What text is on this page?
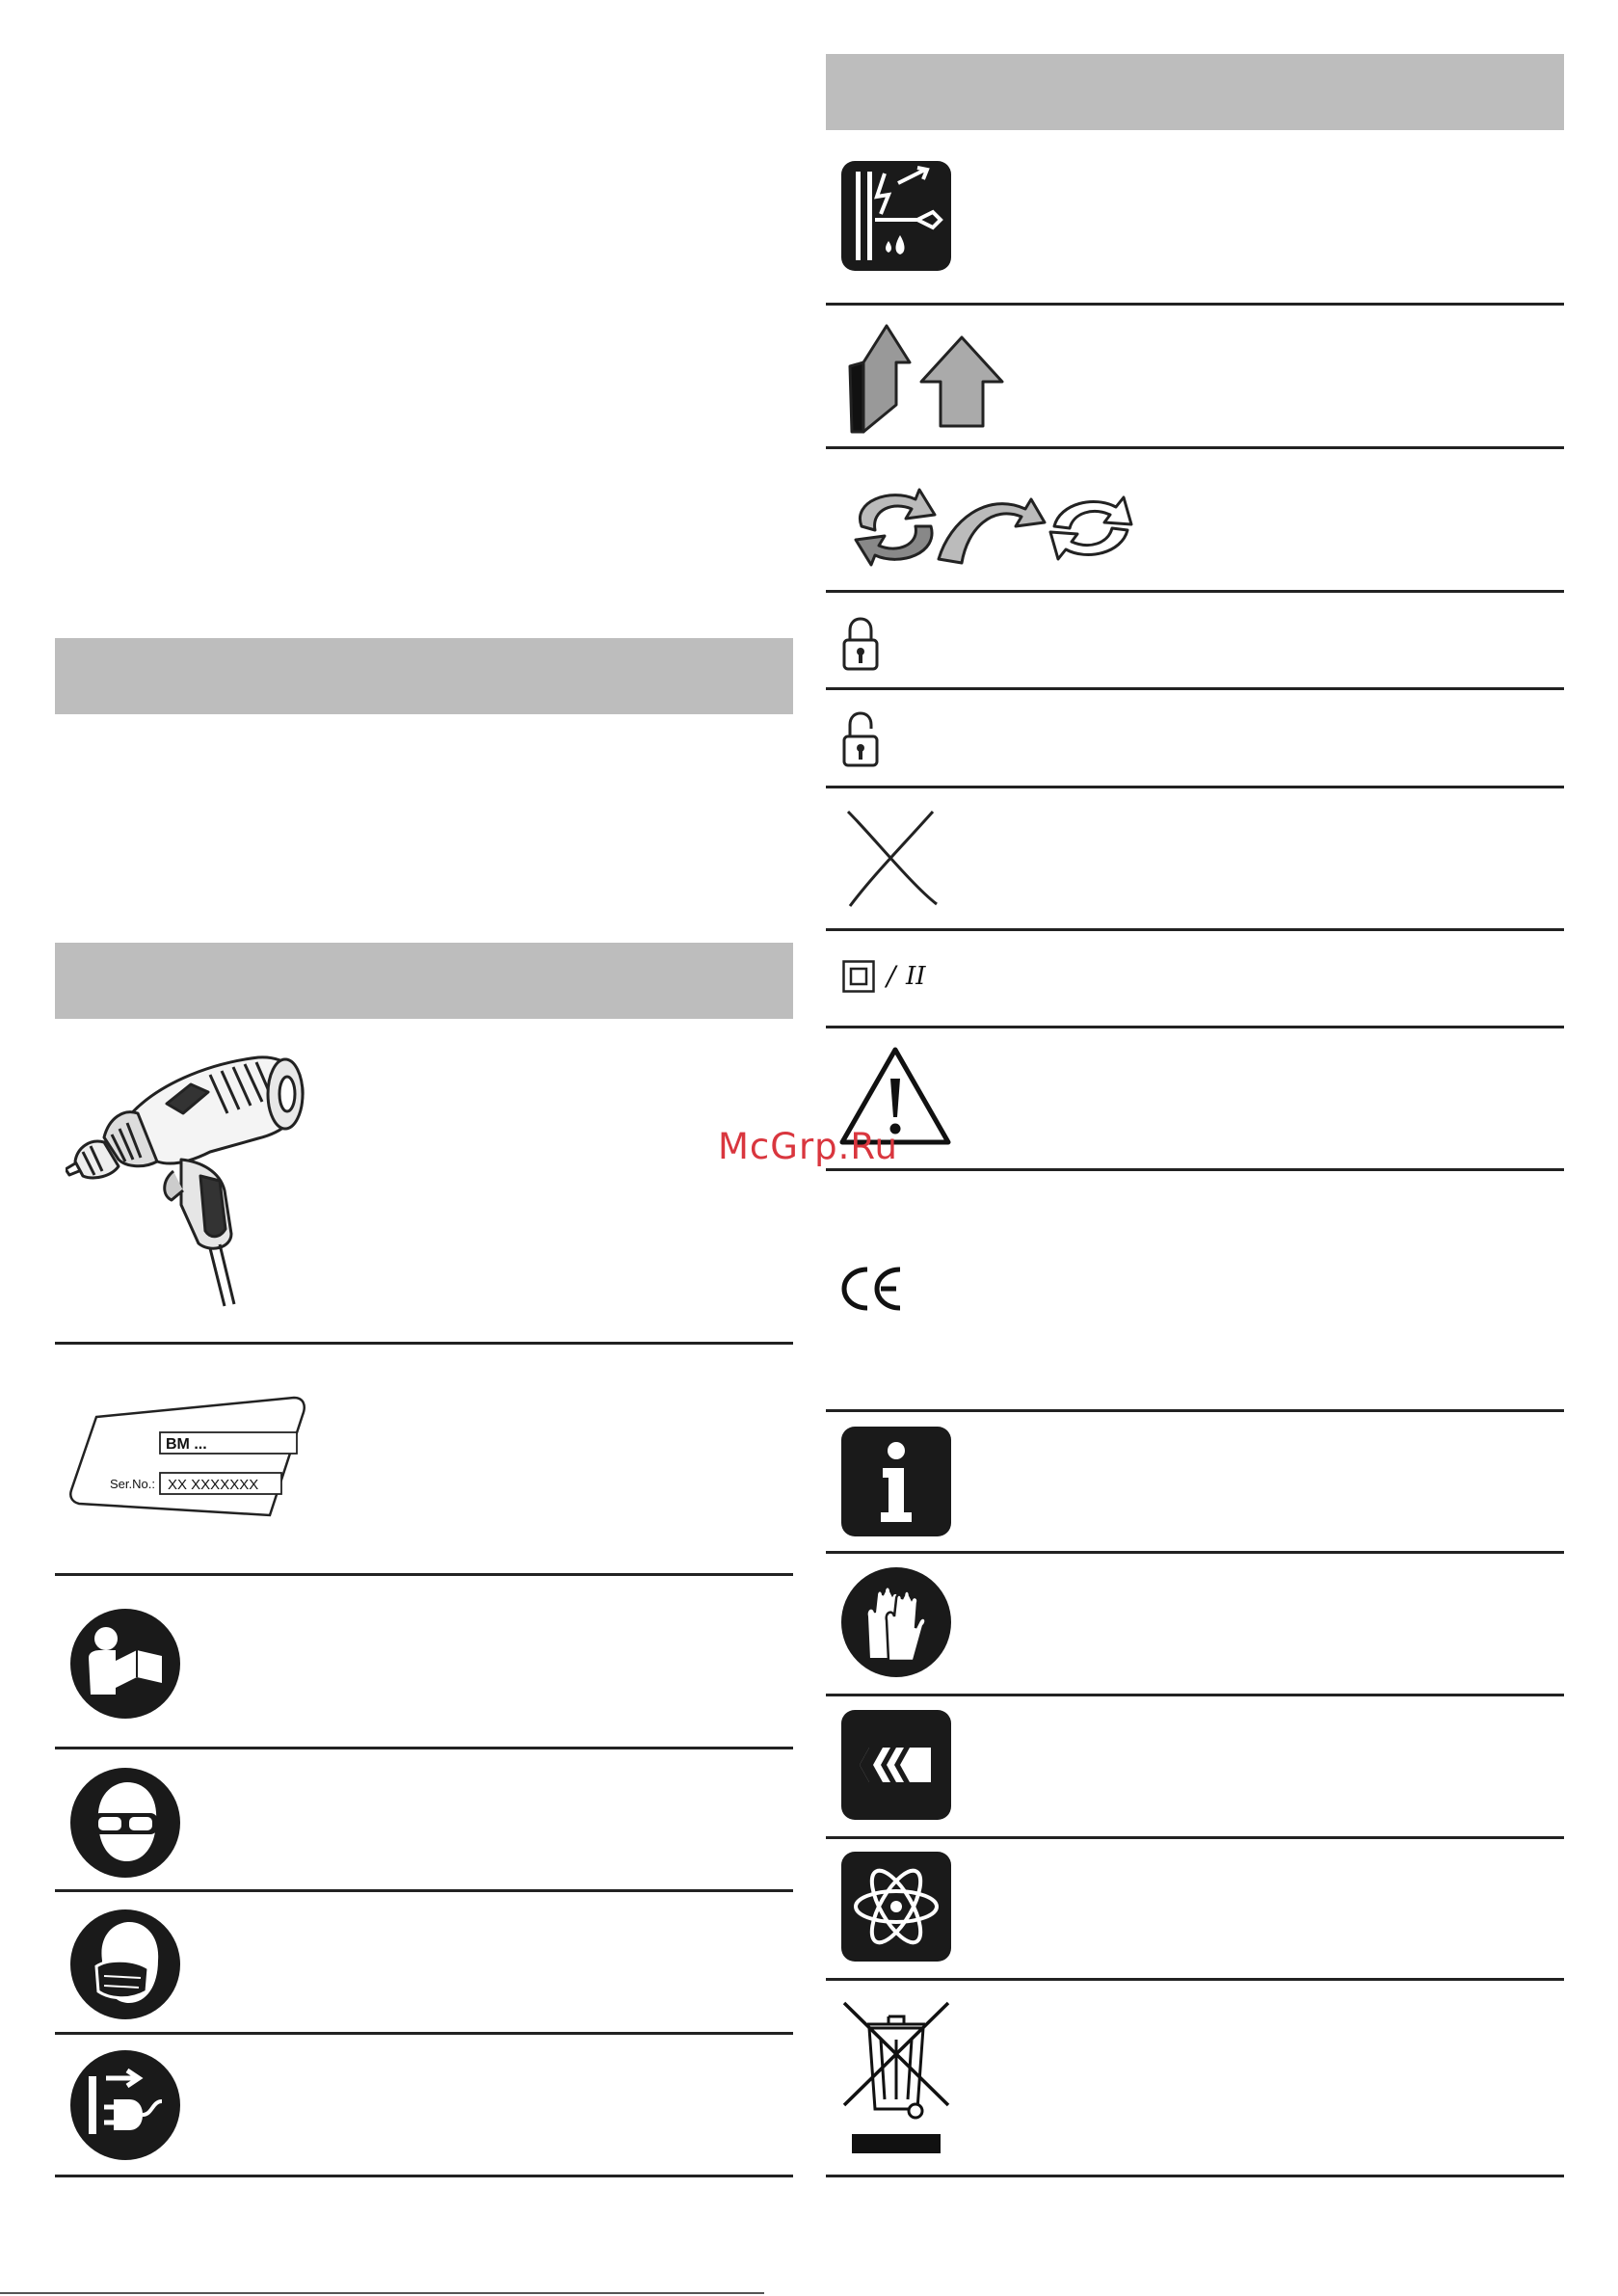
BM ...
Ser.No.: XX XXXXXXX
/ II
McGrp.Ru
